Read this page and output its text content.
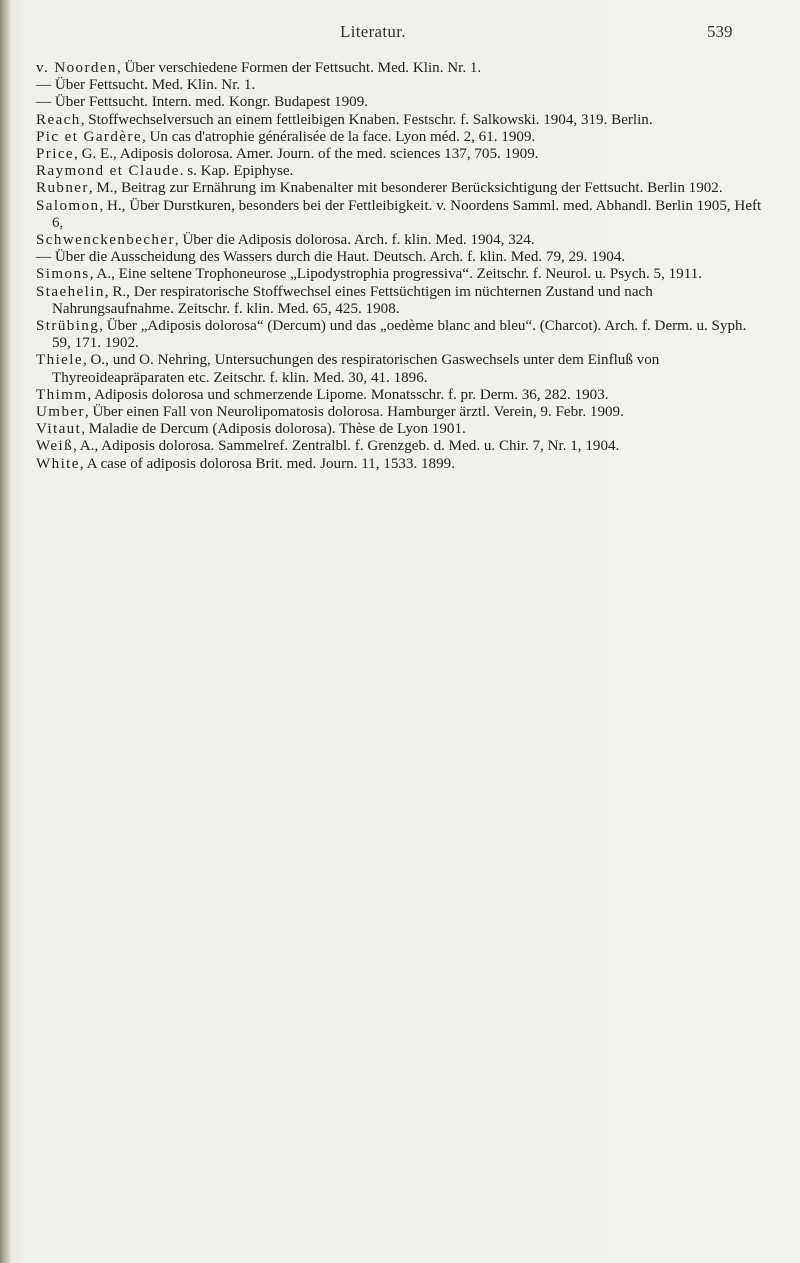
Literatur.	539

v. Noorden, Über verschiedene Formen der Fettsucht. Med. Klin. Nr. 1.

— Über Fettsucht. Med. Klin. Nr. 1.

— Über Fettsucht. Intern. med. Kongr. Budapest 1909.

Reach, Stoffwechselversuch an einem fettleibigen Knaben. Festschr. f. Salkowski. 1904, 319. Berlin.

Pic et Gardère, Un cas d'atrophie généralisée de la face. Lyon méd. 2, 61. 1909.

Price, G. E., Adiposis dolorosa. Amer. Journ. of the med. sciences 137, 705. 1909.

Raymond et Claude. s. Kap. Epiphyse.

Rubner, M., Beitrag zur Ernährung im Knabenalter mit besonderer Berücksichtigung der Fettsucht. Berlin 1902.

Salomon, H., Über Durstkuren, besonders bei der Fettleibigkeit. v. Noordens Samml. med. Abhandl. Berlin 1905, Heft 6,

Schwenckenbecher, Über die Adiposis dolorosa. Arch. f. klin. Med. 1904, 324.

— Über die Ausscheidung des Wassers durch die Haut. Deutsch. Arch. f. klin. Med. 79, 29. 1904.

Simons, A., Eine seltene Trophoneurose „Lipodystrophia progressiva“. Zeitschr. f. Neurol. u. Psych. 5, 1911.

Staehelin, R., Der respiratorische Stoffwechsel eines Fettsüchtigen im nüchternen Zustand und nach Nahrungsaufnahme. Zeitschr. f. klin. Med. 65, 425. 1908.

Strübing, Über „Adiposis dolorosa“ (Dercum) und das „oedème blanc and bleu“. (Charcot). Arch. f. Derm. u. Syph. 59, 171. 1902.

Thiele, O., und O. Nehring, Untersuchungen des respiratorischen Gaswechsels unter dem Einfluß von Thyreoideapräparaten etc. Zeitschr. f. klin. Med. 30, 41. 1896.

Thimm, Adiposis dolorosa und schmerzende Lipome. Monatsschr. f. pr. Derm. 36, 282. 1903.

Umber, Über einen Fall von Neurolipomatosis dolorosa. Hamburger ärztl. Verein, 9. Febr. 1909.

Vitaut, Maladie de Dercum (Adiposis dolorosa). Thèse de Lyon 1901.

Weiß, A., Adiposis dolorosa. Sammelref. Zentralbl. f. Grenzgeb. d. Med. u. Chir. 7, Nr. 1, 1904.

White, A case of adiposis dolorosa Brit. med. Journ. 11, 1533. 1899.
